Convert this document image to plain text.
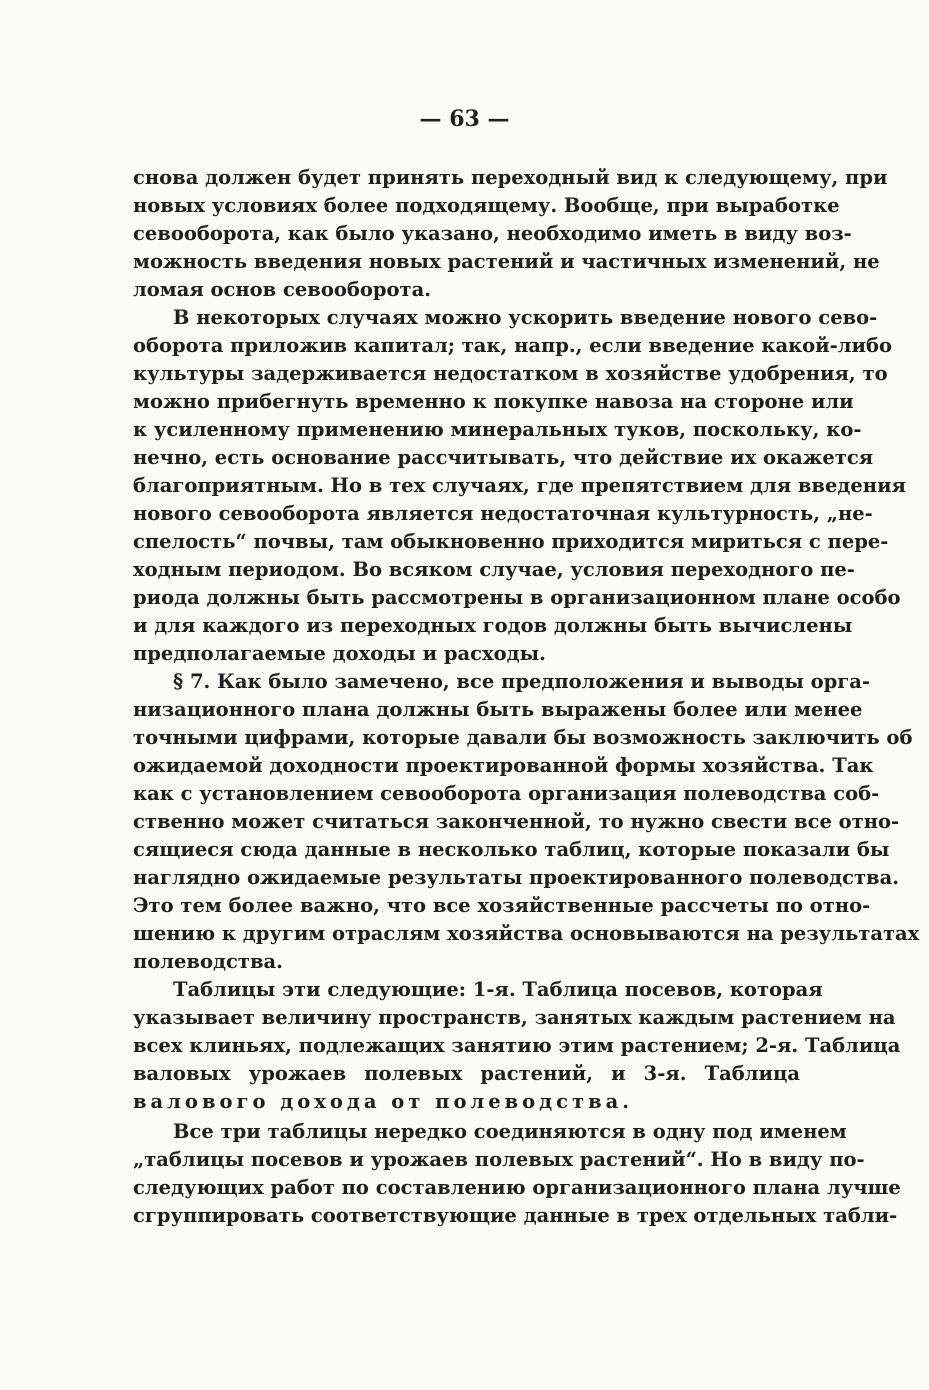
— 63 —
снова должен будет принять переходный вид к следующему, при
новых условиях более подходящему. Вообще, при выработке
севооборота, как было указано, необходимо иметь в виду воз-
можность введения новых растений и частичных изменений, не
ломая основ севооборота.
В некоторых случаях можно ускорить введение нового сево-
оборота приложив капитал; так, напр., если введение какой-либо
культуры задерживается недостатком в хозяйстве удобрения, то
можно прибегнуть временно к покупке навоза на стороне или
к усиленному применению минеральных туков, поскольку, ко-
нечно, есть основание рассчитывать, что действие их окажется
благоприятным. Но в тех случаях, где препятствием для введения
нового севооборота является недостаточная культурность, „не-
спелость“ почвы, там обыкновенно приходится мириться с пере-
ходным периодом. Во всяком случае, условия переходного пе-
риода должны быть рассмотрены в организационном плане особо
и для каждого из переходных годов должны быть вычислены
предполагаемые доходы и расходы.
§ 7. Как было замечено, все предположения и выводы орга-
низационного плана должны быть выражены более или менее
точными цифрами, которые давали бы возможность заключить об
ожидаемой доходности проектированной формы хозяйства. Так
как с установлением севооборота организация полеводства соб-
ственно может считаться законченной, то нужно свести все отно-
сящиеся сюда данные в несколько таблиц, которые показали бы
наглядно ожидаемые результаты проектированного полеводства.
Это тем более важно, что все хозяйственные рассчеты по отно-
шению к другим отраслям хозяйства основываются на результатах
полеводства.
Таблицы эти следующие: 1-я. Таблица посевов, которая
указывает величину пространств, занятых каждым растением на
всех клиньях, подлежащих занятию этим растением; 2-я. Таблица
валовых урожаев полевых растений, и 3-я. Таблица
валового дохода от полеводства.
Все три таблицы нередко соединяются в одну под именем
„таблицы посевов и урожаев полевых растений“. Но в виду по-
следующих работ по составлению организационного плана лучше
сгруппировать соответствующие данные в трех отдельных табли-
